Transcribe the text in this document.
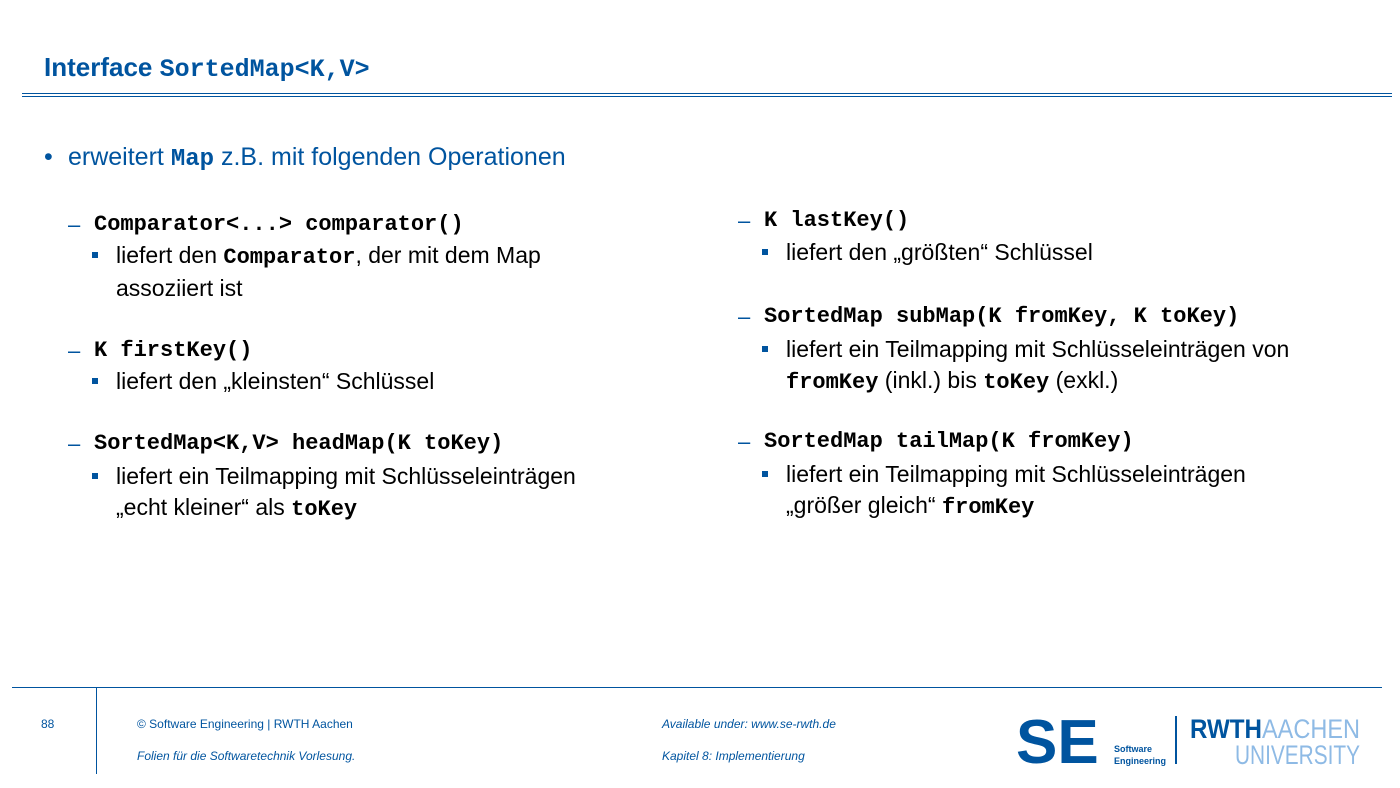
Interface SortedMap<K,V>
• erweitert Map z.B. mit folgenden Operationen
– Comparator<...> comparator()
liefert den Comparator, der mit dem Map
assoziiert ist
– K firstKey()
liefert den „kleinsten“ Schlüssel
– SortedMap<K,V> headMap(K toKey)
liefert ein Teilmapping mit Schlüsseleinträgen
„echt kleiner“ als toKey
– K lastKey()
liefert den „größten“ Schlüssel
– SortedMap subMap(K fromKey, K toKey)
liefert ein Teilmapping mit Schlüsseleinträgen von
fromKey (inkl.) bis toKey (exkl.)
– SortedMap tailMap(K fromKey)
liefert ein Teilmapping mit Schlüsseleinträgen
„größer gleich“ fromKey
88	© Software Engineering | RWTH Aachen
Folien für die Softwaretechnik Vorlesung.
Available under: www.se-rwth.de
Kapitel 8: Implementierung	SE Software
Engineering
RWTH AACHEN
UNIVERSITY
